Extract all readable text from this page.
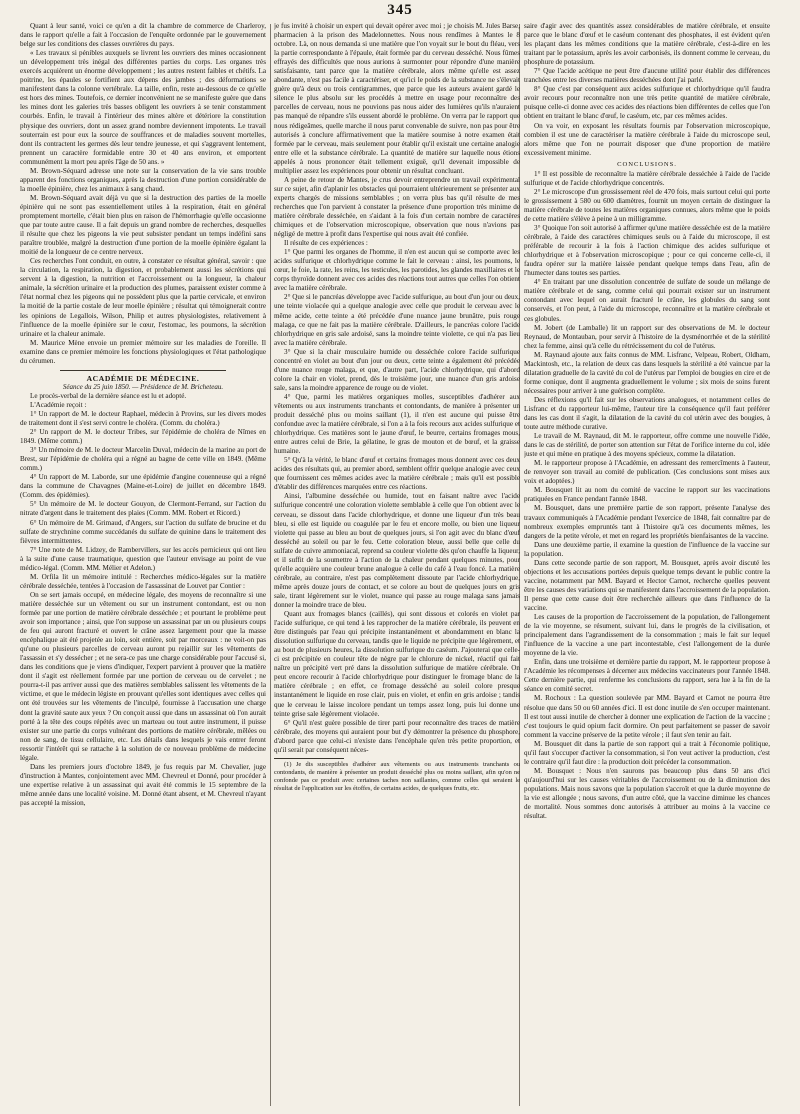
345

Quant à leur santé, voici ce qu'en a dit la chambre de commerce de Charleroy, dans le rapport qu'elle a fait à l'occasion de l'enquête ordonnée par le gouvernement belge sur les conditions des classes ouvrières du pays.

« Les travaux si pénibles auxquels se livrent les ouvriers des mines occasionnent un développement très inégal des différentes parties du corps. Les organes très exercés acquièrent un énorme développement ; les autres restent faibles et chétifs. La poitrine, les épaules se fortifient aux dépens des jambes ; des déformations se manifestent dans la colonne vertébrale. La taille, enfin, reste au-dessous de ce qu'elle est hors des mines. Toutefois, ce dernier inconvénient ne se manifeste guère que dans les mines dont les galeries très basses obligent les ouvriers à se tenir constamment courbés. Enfin, le travail à l'intérieur des mines altère et détériore la constitution physique des ouvriers, dont un assez grand nombre deviennent impotents. Le travail souterrain est pour eux la source de souffrances et de maladies souvent mortelles, dont ils contractent les germes dès leur tendre jeunesse, et qui s'aggravent lentement, prennent un caractère formidable entre 30 et 40 ans environ, et emportent communément la mort peu après l'âge de 50 ans. »

M. Brown-Séquard adresse une note sur la conservation de la vie sans trouble apparent des fonctions organiques, après la destruction d'une portion considérable de la moelle épinière, chez les animaux à sang chaud.

M. Brown-Séquard avait déjà vu que si la destruction des parties de la moelle épinière qui ne sont pas essentiellement utiles à la respiration, était en général promptement mortelle, c'était bien plus en raison de l'hémorrhagie qu'elle occasionne que par toute autre cause. Il a fait depuis un grand nombre de recherches, desquelles il résulte que chez les pigeons la vie peut subsister pendant un temps indéfini sans paraître troublée, malgré la destruction d'une portion de la moelle épinière égalant la moitié de la longueur de ce centre nerveux.

Ces recherches l'ont conduit, en outre, à constater ce résultat général, savoir : que la circulation, la respiration, la digestion, et probablement aussi les sécrétions qui servent à la digestion, la nutrition et l'accroissement ou la longueur, la chaleur animale, la sécrétion urinaire et la production des plumes, paraissent exister comme à l'état normal chez les pigeons qui ne possèdent plus que la partie cervicale, et environ la moitié de la partie costale de leur moelle épinière ; résultat qui témoignerait contre les opinions de Legallois, Wilson, Philip et autres physiologistes, relativement à l'influence de la moelle épinière sur le cœur, l'estomac, les poumons, la sécrétion urinaire et la chaleur animale.

M. Maurice Mène envoie un premier mémoire sur les maladies de l'oreille. Il examine dans ce premier mémoire les fonctions physiologiques et l'état pathologique du cérumen.

ACADÉMIE DE MÉDECINE.
Séance du 25 juin 1850. — Présidence de M. Bricheteau.

Le procès-verbal de la dernière séance est lu et adopté.

L'Académie reçoit :

1° Un rapport de M. le docteur Raphael, médecin à Provins, sur les divers modes de traitement dont il s'est servi contre le choléra. (Comm. du choléra.)

2° Un rapport de M. le docteur Tribes, sur l'épidémie de choléra de Nîmes en 1849. (Même comm.)

3° Un mémoire de M. le docteur Marcelin Duval, médecin de la marine au port de Brest, sur l'épidémie de choléra qui a régné au bagne de cette ville en 1849. (Même comm.)

4° Un rapport de M. Laborde, sur une épidémie d'angine couenneuse qui a régné dans la commune de Chavagnes (Maine-et-Loire) de juillet en décembre 1849. (Comm. des épidémies).

5° Un mémoire de M. le docteur Gouyon, de Clermont-Ferrand, sur l'action du nitrate d'argent dans le traitement des plaies (Comm. MM. Robert et Ricord.)

6° Un mémoire de M. Grimaud, d'Angers, sur l'action du sulfate de brucine et du sulfate de strychnine comme succédanés du sulfate de quinine dans le traitement des fièvres intermittentes.

7° Une note de M. Lidzey, de Rambervillers, sur les accès pernicieux qui ont lieu à la suite d'une cause traumatique, question que l'auteur envisage au point de vue médico-légal. (Comm. MM. Mélier et Adelon.)

M. Orfila lit un mémoire intitulé : Recherches médico-légales sur la matière cérébrale desséchée, tentées à l'occasion de l'assassinat de Louvet par Contier :

On se sert jamais occupé, en médecine légale, des moyens de reconnaître si une matière desséchée sur un vêtement ou sur un instrument contondant, est ou non formée par une portion de matière cérébrale desséchée ; et pourtant le problème peut avoir son importance ; ainsi, que l'on suppose un assassinat par un ou plusieurs coups de feu qui auront fracturé et ouvert le crâne assez largement pour que la masse encéphalique ait été projetée au loin, soit entière, soit par morceaux : ne voit-on pas qu'une ou plusieurs parcelles de cerveau auront pu rejaillir sur les vêtements de l'assassin et s'y dessécher ; et ne sera-ce pas une charge considérable pour l'accusé si, dans les conditions que je viens d'indiquer, l'expert parvient à prouver que la matière dont il s'agit est réellement formée par une portion de cerveau ou de cervelet ; ne pourra-t-il pas arriver aussi que des matières semblables salissent les vêtements de la victime, et que le médecin légiste en prouvant qu'elles sont identiques avec celles qui ont été trouvées sur les vêtements de l'inculpé, fournisse à l'accusation une charge dont la gravité saute aux yeux ? On conçoit aussi que dans un assassinat où l'on aurait porté à la tête des coups répétés avec un marteau ou tout autre instrument, il puisse exister sur une partie du corps vulnérant des portions de matière cérébrale, mêlées ou non de sang, de tissu cellulaire, etc. Les détails dans lesquels je vais entrer feront ressortir l'intérêt qui se rattache à la solution de ce nouveau problème de médecine légale.

Dans les premiers jours d'octobre 1849, je fus requis par M. Chevalier, juge d'instruction à Mantes, conjointement avec MM. Chevreul et Donné, pour procéder à une expertise relative à un assassinat qui avait été commis le 15 septembre de la même année dans une localité voisine. M. Donné étant absent, et M. Chevreul n'ayant pas accepté la mission,

je fus invité à choisir un expert qui devait opérer avec moi ; je choisis M. Jules Barse, pharmacien à la prison des Madelonnettes. Nous nous rendîmes à Mantes le 8 octobre. Là, on nous demanda si une matière que l'on voyait sur le bout du fléau, vers la partie correspondante à l'épaule, était formée par du cerveau desséché. Nous fûmes effrayés des difficultés que nous aurions à surmonter pour répondre d'une manière satisfaisante, tant parce que la matière cérébrale, alors même qu'elle est assez abondante, n'est pas facile à caractériser, et qu'ici le poids de la substance ne s'élevait guère qu'à deux ou trois centigrammes, que parce que les auteurs avaient gardé le silence le plus absolu sur les procédés à mettre en usage pour reconnaître des parcelles de cerveau, nous ne pouvions pas nous aider des lumières qu'ils n'auraient pas manqué de répandre s'ils eussent abordé le problème. On verra par le rapport que nous rédigeâmes, quelle marche il nous parut convenable de suivre, non pas pour être autorisés à conclure affirmativement que la matière soumise à notre examen était formée par le cerveau, mais seulement pour établir qu'il existait une certaine analogie entre elle et la substance cérébrale. La quantité de matière sur laquelle nous étions appelés à nous prononcer était tellement exiguë, qu'il devenait impossible de multiplier assez les expériences pour obtenir un résultat concluant.

A peine de retour de Mantes, je crus devoir entreprendre un travail expérimental sur ce sujet, afin d'aplanir les obstacles qui pourraient ultérieurement se présenter aux experts chargés de missions semblables ; on verra plus bas qu'il résulte de mes recherches que l'on parvient à constater la présence d'une proportion très minime de matière cérébrale desséchée, en s'aidant à la fois d'un certain nombre de caractères chimiques et de l'observation microscopique, observation que nous n'avions pas négligé de mettre à profit dans l'expertise qui nous avait été confiée.

Il résulte de ces expériences :

1° Que parmi les organes de l'homme, il n'en est aucun qui se comporte avec les acides sulfurique et chlorhydrique comme le fait le cerveau : ainsi, les poumons, le cœur, le foie, la rate, les reins, les testicules, les parotides, les glandes maxillaires et le corps thyroïde donnent avec ces acides des réactions tout autres que celles l'on obtient avec la matière cérébrale.

2° Que si le pancréas développe avec l'acide sulfurique, au bout d'un jour ou deux, une teinte violacée qui a quelque analogie avec celle que produit le cerveau avec le même acide, cette teinte a été précédée d'une nuance jaune brunâtre, puis rouge malaga, ce que ne fait pas la matière cérébrale. D'ailleurs, le pancréas colore l'acide chlorhydrique en gris sale ardoisé, sans la moindre teinte violette, ce qui n'a pas lieu avec la matière cérébrale.

3° Que si la chair musculaire humide ou desséchée colore l'acide sulfurique concentré en violet au bout d'un jour ou deux, cette teinte a également été précédée d'une nuance rouge malaga, et que, d'autre part, l'acide chlorhydrique, qui d'abord colore la chair en violet, prend, dès le troisième jour, une nuance d'un gris ardoise sale, sans la moindre apparence de rouge ou de violet.

4° Que, parmi les matières organiques molles, susceptibles d'adhérer aux vêtements ou aux instruments tranchants et contondants, de manière à présenter un produit desséché plus ou moins saillant (1), il n'en est aucune qui puisse être confondue avec la matière cérébrale, si l'on a à la fois recours aux acides sulfurique et chlorhydrique. Ces matières sont le jaune d'œuf, le beurre, certains fromages mous, entre autres celui de Brie, la gélatine, le gras de mouton et de bœuf, et la graisse humaine.

5° Qu'à la vérité, le blanc d'œuf et certains fromages mous donnent avec ces deux acides des résultats qui, au premier abord, semblent offrir quelque analogie avec ceux que fournissent ces mêmes acides avec la matière cérébrale ; mais qu'il est possible d'établir des différences marquées entre ces réactions.

Ainsi, l'albumine desséchée ou humide, tout en faisant naître avec l'acide sulfurique concentré une coloration violette semblable à celle que l'on obtient avec le cerveau, se dissout dans l'acide chlorhydrique, et donne une liqueur d'un très beau bleu, si elle est liquide ou coagulée par le feu et encore molle, ou bien une liqueur violette qui passe au bleu au bout de quelques jours, si l'on agit avec du blanc d'œuf desséché au soleil ou par le feu. Cette coloration bleue, aussi belle que celle du sulfate de cuivre ammoniacal, reprend sa couleur violette dès qu'on chauffe la liqueur, et il suffit de la soumettre à l'action de la chaleur pendant quelques minutes, pour qu'elle acquière une couleur brune analogue à celle du café à l'eau foncé. La matière cérébrale, au contraire, n'est pas complètement dissoute par l'acide chlorhydrique, même après douze jours de contact, et se colore au bout de quelques jours en gris sale, tirant légèrement sur le violet, nuance qui passe au rouge malaga sans jamais donner la moindre trace de bleu.

Quant aux fromages blancs (caillés), qui sont dissous et colorés en violet par l'acide sulfurique, ce qui tend à les rapprocher de la matière cérébrale, ils peuvent en être distingués par l'eau qui précipite instantanément et abondamment en blanc la dissolution sulfurique du cerveau, tandis que le liquide ne précipite que légèrement, et au bout de plusieurs heures, la dissolution sulfurique du caséum. J'ajouterai que celle-ci est précipitée en couleur tête de nègre par le chlorure de nickel, réactif qui fait naître un précipité vert pré dans la dissolution sulfurique de matière cérébrale. On peut encore recourir à l'acide chlorhydrique pour distinguer le fromage blanc de la matière cérébrale ; en effet, ce fromage desséché au soleil colore presque instantanément le liquide en rose clair, puis en violet, et enfin en gris ardoise ; tandis que le cerveau le laisse incolore pendant un temps assez long, puis lui donne une teinte grise sale légèrement violacée.

6° Qu'il n'est guère possible de tirer parti pour reconnaître des traces de matière cérébrale, des moyens qui auraient pour but d'y démontrer la présence du phosphore, d'abord parce que celui-ci n'existe dans l'encéphale qu'en très petite proportion, et qu'il serait par conséquent néces-

(1) Je dis susceptibles d'adhérer aux vêtements ou aux instruments tranchants ou contondants, de manière à présenter un produit desséché plus ou moins saillant, afin qu'on ne confonde pas ce produit avec certaines taches non saillantes, comme celles qui seraient le résultat de l'application sur les étoffes, de certains acides, de quelques fruits, etc.

saire d'agir avec des quantités assez considérables de matière cérébrale, et ensuite parce que le blanc d'œuf et le caséum contenant des phosphates, il est évident qu'en les plaçant dans les mêmes conditions que la matière cérébrale, c'est-à-dire en les traitant par le potassium, après les avoir carbonisés, ils donnent comme le cerveau, du phosphure de potassium.

7° Que l'acide acétique ne peut être d'aucune utilité pour établir des différences tranchées entre les diverses matières desséchées dont j'ai parlé.

8° Que c'est par conséquent aux acides sulfurique et chlorhydrique qu'il faudra avoir recours pour reconnaître non une très petite quantité de matière cérébrale, puisque celle-ci donne avec ces acides des réactions bien différentes de celles que l'on obtient en traitant le blanc d'œuf, le caséum, etc, par ces mêmes acides.

On va voir, en exposant les résultats fournis par l'observation microscopique, combien il est une de caractériser la matière cérébrale à l'aide du microscope seul, alors même que l'on ne pourrait disposer que d'une proportion de matière excessivement minime.

CONCLUSIONS.

1° Il est possible de reconnaître la matière cérébrale desséchée à l'aide de l'acide sulfurique et de l'acide chlorhydrique concentrés.

2° Le microscope d'un grossissement réel de 470 fois, mais surtout celui qui porte le grossissement à 580 ou 600 diamètres, fournit un moyen certain de distinguer la matière cérébrale de toutes les matières organiques connues, alors même que le poids de cette matière s'élève à peine à un milligramme.

3° Quoique l'on soit autorisé à affirmer qu'une matière desséchée est de la matière cérébrale, à l'aide des caractères chimiques seuls ou à l'aide du microscope, il est préférable de recourir à la fois à l'action chimique des acides sulfurique et chlorhydrique et à l'observation microscopique ; pour ce qui concerne celle-ci, il faudra opérer sur la matière laissée pendant quelque temps dans l'eau, afin de l'humecter dans toutes ses parties.

4° En traitant par une dissolution concentrée de sulfate de soude un mélange de matière cérébrale et de sang, comme celui qui pourrait exister sur un instrument contondant avec lequel on aurait fracturé le crâne, les globules du sang sont conservés, et l'on peut, à l'aide du microscope, reconnaître et la matière cérébrale et ces globules.

M. Jobert (de Lamballe) lit un rapport sur des observations de M. le docteur Reynaud, de Montauban, pour servir à l'histoire de la dysménorrhée et de la stérilité chez la femme, ainsi qu'à celle du rétrécissement du col de l'utérus.

M. Raynaud ajoute aux faits connus de MM. Lisfranc, Velpeau, Robert, Oldham, Mackintosh, etc., la relation de deux cas dans lesquels la stérilité a été vaincue par la dilatation graduelle de la cavité du col de l'utérus par l'emploi de bougies en cire et de forme conique, dont il augmenta graduellement le volume ; six mois de soins furent nécessaires pour arriver à une guérison complète.

Des réflexions qu'il fait sur les observations analogues, et notamment celles de Lisfranc et du rapporteur lui-même, l'auteur tire la conséquence qu'il faut préférer dans les cas dont il s'agit, la dilatation de la cavité du col utérin avec des bougies, à toute autre méthode curative.

Le travail de M. Raynaud, dit M. le rapporteur, offre comme une nouvelle l'idée, dans le cas de stérilité, de porter son attention sur l'état de l'orifice interne du col, idée juste et qui mène en pratique à des moyens spécieux, comme la dilatation.

M. le rapporteur propose à l'Académie, en adressant des remercîments à l'auteur, de renvoyer son travail au comité de publication. (Ces conclusions sont mises aux voix et adoptées.)

M. Bousquet lit au nom du comité de vaccine le rapport sur les vaccinations pratiquées en France pendant l'année 1848.

M. Bousquet, dans une première partie de son rapport, présente l'analyse des travaux communiqués à l'Académie pendant l'exercice de 1848, fait connaître par de nombreux exemples empruntés tant à l'histoire qu'à ces documents mêmes, les dangers de la petite vérole, et met en regard les propriétés bienfaisantes de la vaccine.

Dans une deuxième partie, il examine la question de l'influence de la vaccine sur la population.

Dans cette seconde partie de son rapport, M. Bousquet, après avoir discuté les objections et les accusations portées depuis quelque temps devant le public contre la vaccine, notamment par MM. Bayard et Hector Carnot, recherche quelles peuvent être les causes des variations qui se manifestent dans l'accroissement de la population. Il pense que cette cause doit être recherchée ailleurs que dans l'influence de la vaccine.

Les causes de la proportion de l'accroissement de la population, de l'allongement de la vie moyenne, se résument, suivant lui, dans le progrès de la civilisation, et principalement dans l'agrandissement de la consommation ; mais le fait sur lequel l'influence de la vaccine a une part incontestable, c'est l'allongement de la durée moyenne de la vie.

Enfin, dans une troisième et dernière partie du rapport, M. le rapporteur propose à l'Académie les récompenses à décerner aux médecins vaccinateurs pour l'année 1848. Cette dernière partie, qui renferme les conclusions du rapport, sera lue à la fin de la séance en comité secret.

M. Rochoux : La question soulevée par MM. Bayard et Carnot ne pourra être résolue que dans 50 ou 60 années d'ici. Il est donc inutile de s'en occuper maintenant. Il est tout aussi inutile de chercher à donner une explication de l'action de la vaccine ; c'est toujours le quid opium facit dormire. On peut parfaitement se passer de savoir comment la vaccine préserve de la petite vérole ; il faut s'en tenir au fait.

M. Bousquet dit dans la partie de son rapport qui a trait à l'économie politique, qu'il faut s'occuper d'activer la consommation, si l'on veut activer la production, c'est le contraire qu'il faut dire : la production doit précéder la consommation.

M. Bousquet : Nous n'en saurons pas beaucoup plus dans 50 ans d'ici qu'aujourd'hui sur les causes véritables de l'accroissement ou de la diminution des populations. Mais nous savons que la population s'accroît et que la durée moyenne de la vie est allongée ; nous savons, d'un autre côté, que la vaccine diminue les chances de mortalité. Nous sommes donc autorisés à attribuer au moins à la vaccine ce résultat.
